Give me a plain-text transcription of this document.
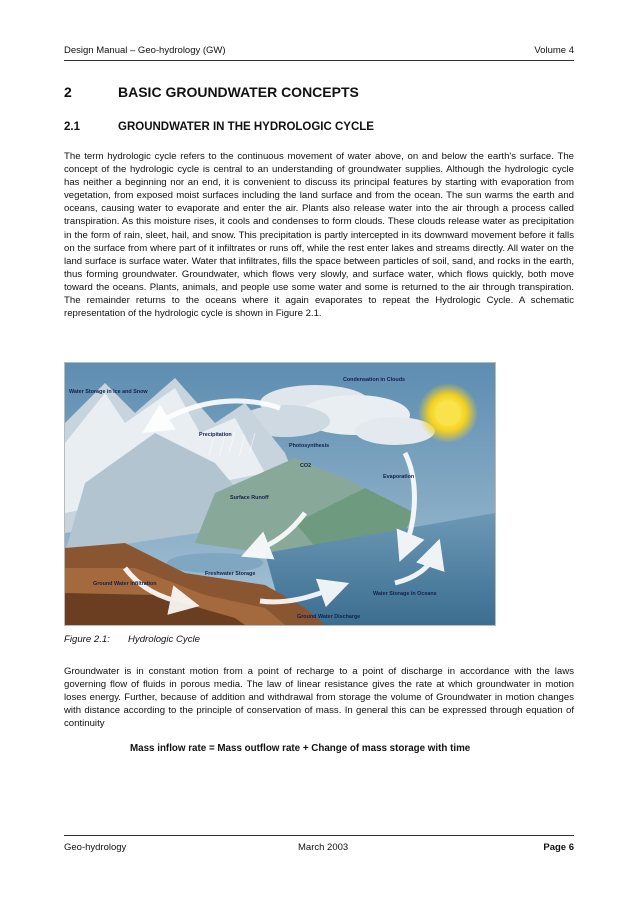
Design Manual – Geo-hydrology (GW)	Volume 4
2	BASIC GROUNDWATER CONCEPTS
2.1	GROUNDWATER IN THE HYDROLOGIC CYCLE

The term hydrologic cycle refers to the continuous movement of water above, on and below the earth's surface. The concept of the hydrologic cycle is central to an understanding of groundwater supplies. Although the hydrologic cycle has neither a beginning nor an end, it is convenient to discuss its principal features by starting with evaporation from vegetation, from exposed moist surfaces including the land surface and from the ocean. The sun warms the earth and oceans, causing water to evaporate and enter the air. Plants also release water into the air through a process called transpiration. As this moisture rises, it cools and condenses to form clouds. These clouds release water as precipitation in the form of rain, sleet, hail, and snow. This precipitation is partly intercepted in its downward movement before it falls on the surface from where part of it infiltrates or runs off, while the rest enter lakes and streams directly. All water on the land surface is surface water. Water that infiltrates, fills the space between particles of soil, sand, and rocks in the earth, thus forming groundwater. Groundwater, which flows very slowly, and surface water, which flows quickly, both move toward the oceans. Plants, animals, and people use some water and some is returned to the air through transpiration. The remainder returns to the oceans where it again evaporates to repeat the Hydrologic Cycle. A schematic representation of the hydrologic cycle is shown in Figure 2.1.

Condensation in Clouds
Water Storage in Ice and Snow
Precipitation
Photosynthesis
CO2
Evaporation
Surface Runoff
Freshwater Storage
Ground Water Infiltration
Water Storage in Oceans
Ground Water Discharge
Figure 2.1:	Hydrologic Cycle

Groundwater is in constant motion from a point of recharge to a point of discharge in accordance with the laws governing flow of fluids in porous media. The law of linear resistance gives the rate at which groundwater in motion loses energy. Further, because of addition and withdrawal from storage the volume of Groundwater in motion changes with distance according to the principle of conservation of mass. In general this can be expressed through equation of continuity

Mass inflow rate = Mass outflow rate + Change of mass storage with time
Geo-hydrology	March 2003	Page 6
